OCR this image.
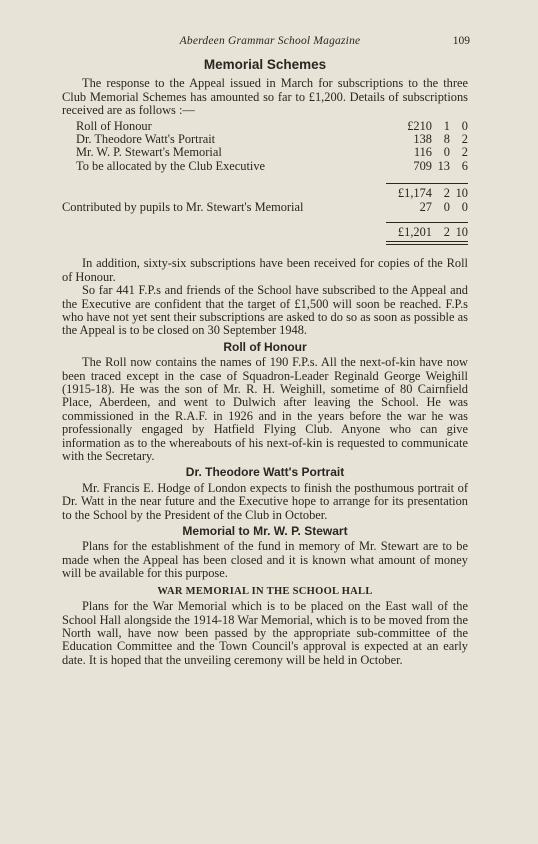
Aberdeen Grammar School Magazine	109
Memorial Schemes

The response to the Appeal issued in March for subscriptions to the three Club Memorial Schemes has amounted so far to £1,200. Details of subscriptions received are as follows :—

Roll of Honour	£210 1 0
Dr. Theodore Watt's Portrait	138 8 2
Mr. W. P. Stewart's Memorial	116 0 2
To be allocated by the Club Executive	709 13 6
£1,174 2 10
Contributed by pupils to Mr. Stewart's Memorial	27 0 0
£1,201 2 10

In addition, sixty-six subscriptions have been received for copies of the Roll of Honour.

So far 441 F.P.s and friends of the School have subscribed to the Appeal and the Executive are confident that the target of £1,500 will soon be reached. F.P.s who have not yet sent their subscriptions are asked to do so as soon as possible as the Appeal is to be closed on 30 September 1948.

Roll of Honour

The Roll now contains the names of 190 F.P.s. All the next-of-kin have now been traced except in the case of Squadron-Leader Reginald George Weighill (1915-18). He was the son of Mr. R. H. Weighill, sometime of 80 Cairnfield Place, Aberdeen, and went to Dulwich after leaving the School. He was commissioned in the R.A.F. in 1926 and in the years before the war he was professionally engaged by Hatfield Flying Club. Anyone who can give information as to the whereabouts of his next-of-kin is requested to communicate with the Secretary.

Dr. Theodore Watt's Portrait

Mr. Francis E. Hodge of London expects to finish the posthumous portrait of Dr. Watt in the near future and the Executive hope to arrange for its presentation to the School by the President of the Club in October.

Memorial to Mr. W. P. Stewart

Plans for the establishment of the fund in memory of Mr. Stewart are to be made when the Appeal has been closed and it is known what amount of money will be available for this purpose.

WAR MEMORIAL IN THE SCHOOL HALL

Plans for the War Memorial which is to be placed on the East wall of the School Hall alongside the 1914-18 War Memorial, which is to be moved from the North wall, have now been passed by the appropriate sub-committee of the Education Committee and the Town Council's approval is expected at an early date. It is hoped that the unveiling ceremony will be held in October.
